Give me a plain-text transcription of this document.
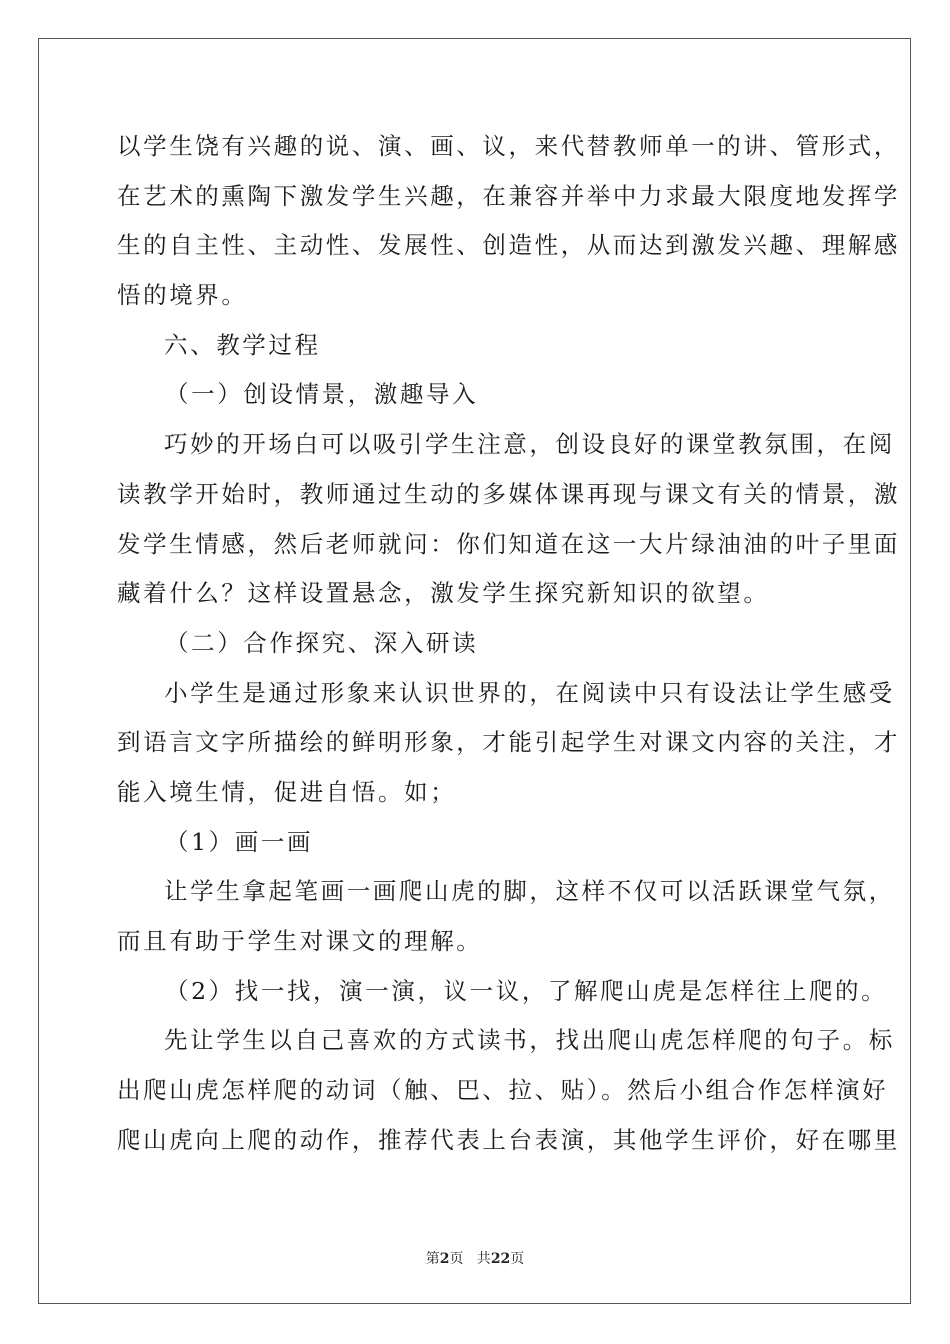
以学生饶有兴趣的说、演、画、议，来代替教师单一的讲、管形式，
在艺术的熏陶下激发学生兴趣，在兼容并举中力求最大限度地发挥学
生的自主性、主动性、发展性、创造性，从而达到激发兴趣、理解感
悟的境界。
六、教学过程
（一）创设情景，激趣导入
巧妙的开场白可以吸引学生注意，创设良好的课堂教氛围，在阅
读教学开始时，教师通过生动的多媒体课再现与课文有关的情景，激
发学生情感，然后老师就问：你们知道在这一大片绿油油的叶子里面
藏着什么？这样设置悬念，激发学生探究新知识的欲望。
（二）合作探究、深入研读
小学生是通过形象来认识世界的，在阅读中只有设法让学生感受
到语言文字所描绘的鲜明形象，才能引起学生对课文内容的关注，才
能入境生情，促进自悟。如；
（1）画一画
让学生拿起笔画一画爬山虎的脚，这样不仅可以活跃课堂气氛，
而且有助于学生对课文的理解。
（2）找一找，演一演，议一议，了解爬山虎是怎样往上爬的。
先让学生以自己喜欢的方式读书，找出爬山虎怎样爬的句子。标
出爬山虎怎样爬的动词（触、巴、拉、贴）。然后小组合作怎样演好
爬山虎向上爬的动作，推荐代表上台表演，其他学生评价，好在哪里
第2页   共22页
